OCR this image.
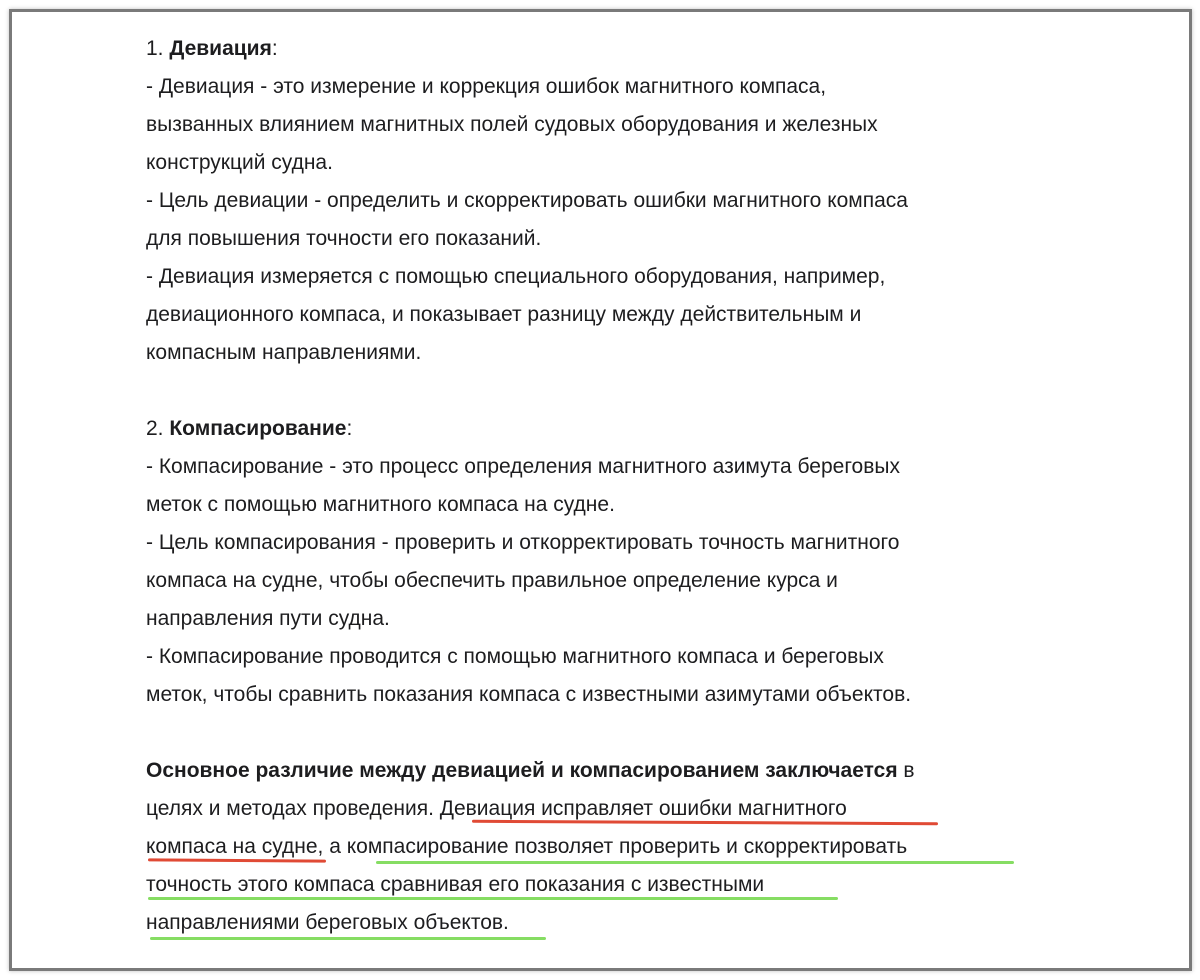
1. Девиация:
- Девиация - это измерение и коррекция ошибок магнитного компаса,
вызванных влиянием магнитных полей судовых оборудования и железных
конструкций судна.
- Цель девиации - определить и скорректировать ошибки магнитного компаса
для повышения точности его показаний.
- Девиация измеряется с помощью специального оборудования, например,
девиационного компаса, и показывает разницу между действительным и
компасным направлениями.
2. Компасирование:
- Компасирование - это процесс определения магнитного азимута береговых
меток с помощью магнитного компаса на судне.
- Цель компасирования - проверить и откорректировать точность магнитного
компаса на судне, чтобы обеспечить правильное определение курса и
направления пути судна.
- Компасирование проводится с помощью магнитного компаса и береговых
меток, чтобы сравнить показания компаса с известными азимутами объектов.
Основное различие между девиацией и компасированием заключается в
целях и методах проведения. Девиация исправляет ошибки магнитного
компаса на судне, а компасирование позволяет проверить и скорректировать
точность этого компаса сравнивая его показания с известными
направлениями береговых объектов.
